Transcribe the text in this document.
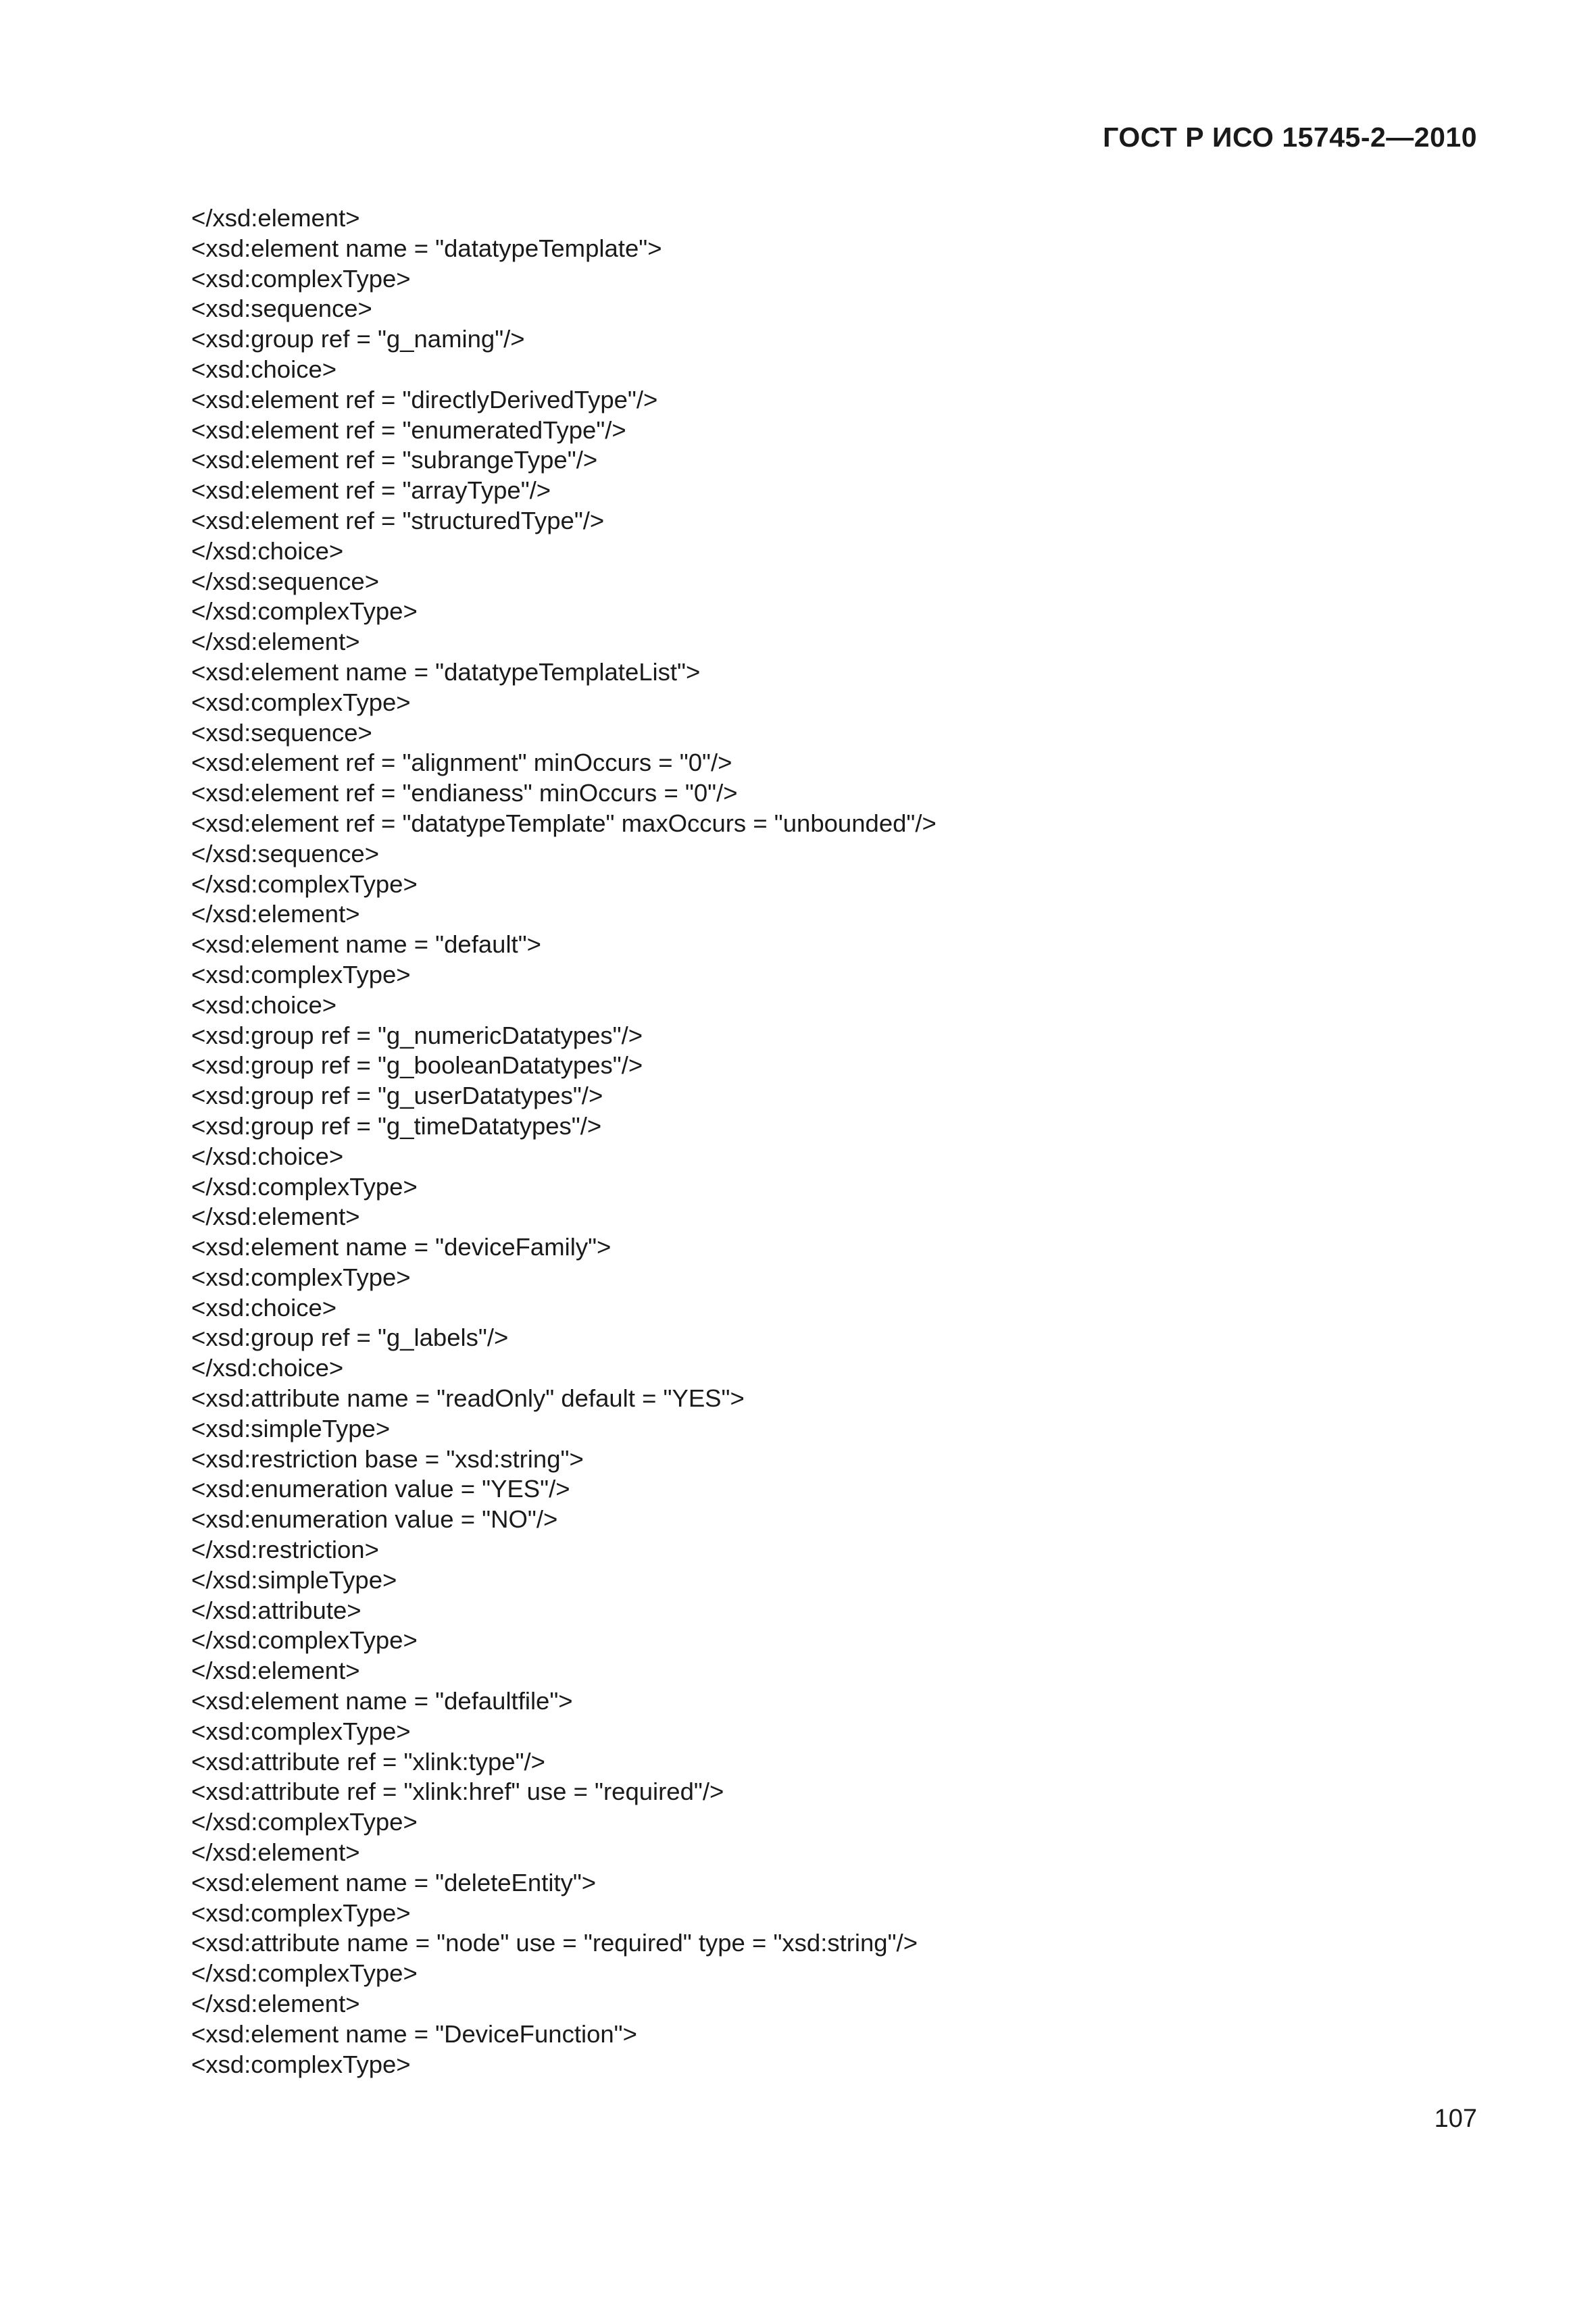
ГОСТ Р ИСО 15745-2—2010
</xsd:element>
<xsd:element name = "datatypeTemplate">
<xsd:complexType>
<xsd:sequence>
<xsd:group ref = "g_naming"/>
<xsd:choice>
<xsd:element ref = "directlyDerivedType"/>
<xsd:element ref = "enumeratedType"/>
<xsd:element ref = "subrangeType"/>
<xsd:element ref = "arrayType"/>
<xsd:element ref = "structuredType"/>
</xsd:choice>
</xsd:sequence>
</xsd:complexType>
</xsd:element>
<xsd:element name = "datatypeTemplateList">
<xsd:complexType>
<xsd:sequence>
<xsd:element ref = "alignment" minOccurs = "0"/>
<xsd:element ref = "endianess" minOccurs = "0"/>
<xsd:element ref = "datatypeTemplate" maxOccurs = "unbounded"/>
</xsd:sequence>
</xsd:complexType>
</xsd:element>
<xsd:element name = "default">
<xsd:complexType>
<xsd:choice>
<xsd:group ref = "g_numericDatatypes"/>
<xsd:group ref = "g_booleanDatatypes"/>
<xsd:group ref = "g_userDatatypes"/>
<xsd:group ref = "g_timeDatatypes"/>
</xsd:choice>
</xsd:complexType>
</xsd:element>
<xsd:element name = "deviceFamily">
<xsd:complexType>
<xsd:choice>
<xsd:group ref = "g_labels"/>
</xsd:choice>
<xsd:attribute name = "readOnly" default = "YES">
<xsd:simpleType>
<xsd:restriction base = "xsd:string">
<xsd:enumeration value = "YES"/>
<xsd:enumeration value = "NO"/>
</xsd:restriction>
</xsd:simpleType>
</xsd:attribute>
</xsd:complexType>
</xsd:element>
<xsd:element name = "defaultfile">
<xsd:complexType>
<xsd:attribute ref = "xlink:type"/>
<xsd:attribute ref = "xlink:href" use = "required"/>
</xsd:complexType>
</xsd:element>
<xsd:element name = "deleteEntity">
<xsd:complexType>
<xsd:attribute name = "node" use = "required" type = "xsd:string"/>
</xsd:complexType>
</xsd:element>
<xsd:element name = "DeviceFunction">
<xsd:complexType>
107
